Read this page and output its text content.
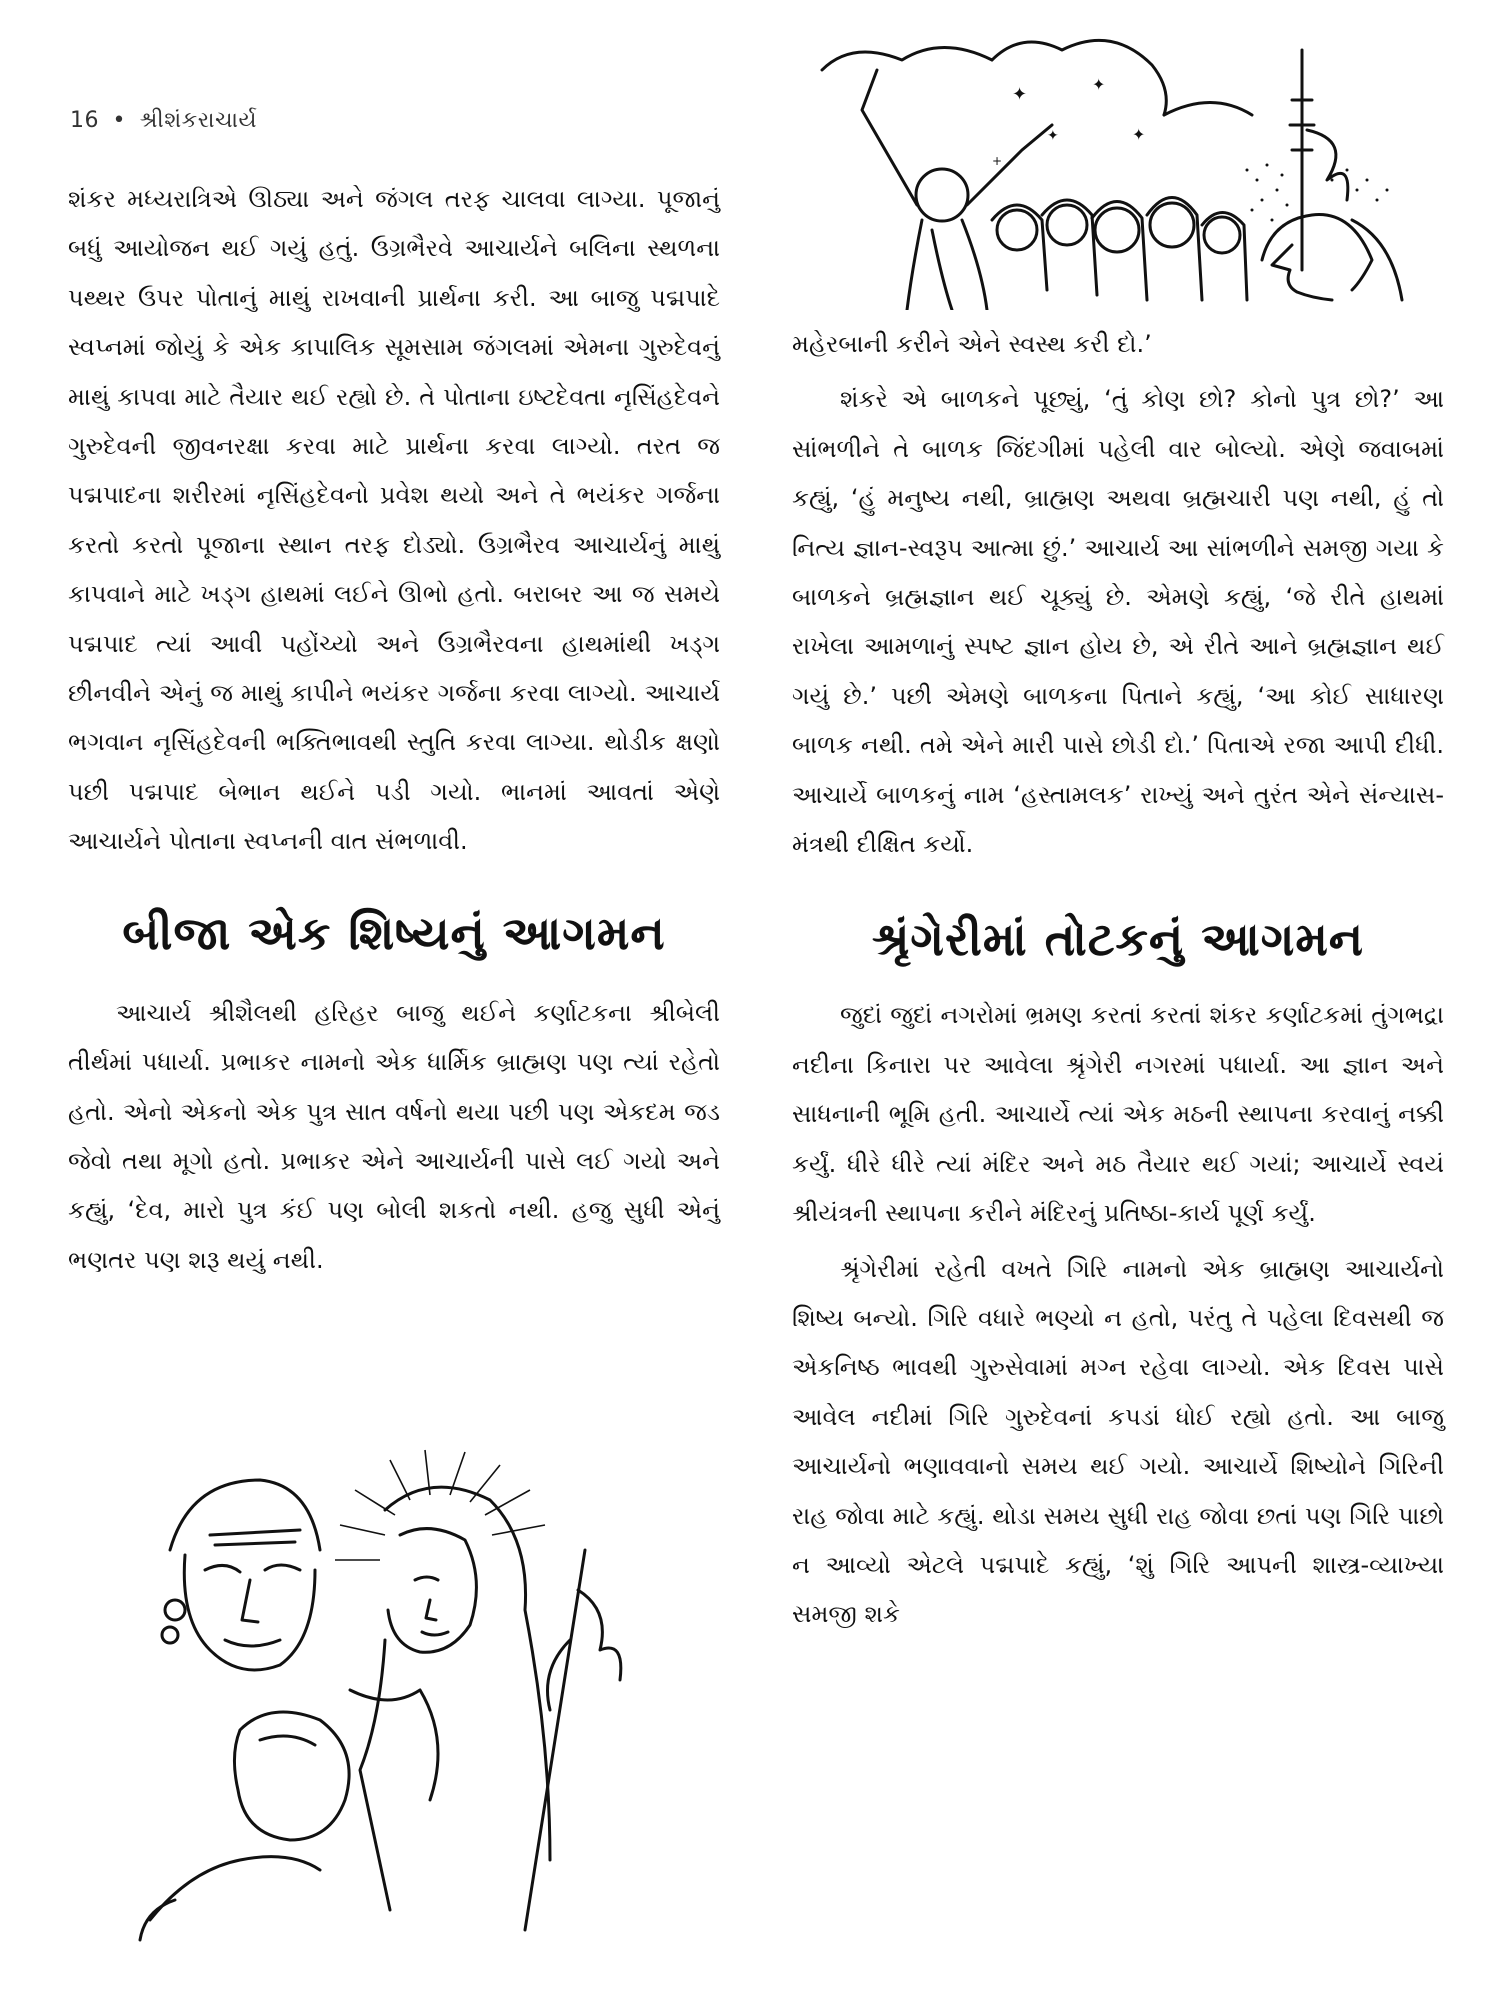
16 • શ્રીશંકરાચાર્ય
✦	✦
✦	✦
+

શંકર મધ્યરાત્રિએ ઊઠ્યા અને જંગલ તરફ ચાલવા લાગ્યા. પૂજાનું બધું આયોજન થઈ ગયું હતું. ઉગ્રભૈરવે આચાર્યને બલિના સ્થળના પથ્થર ઉપર પોતાનું માથું રાખવાની પ્રાર્થના કરી. આ બાજુ પદ્મપાદે સ્વપ્નમાં જોયું કે એક કાપાલિક સૂમસામ જંગલમાં એમના ગુરુદેવનું માથું કાપવા માટે તૈયાર થઈ રહ્યો છે. તે પોતાના ઇષ્ટદેવતા નૃસિંહદેવને ગુરુદેવની જીવનરક્ષા કરવા માટે પ્રાર્થના કરવા લાગ્યો. તરત જ પદ્મપાદના શરીરમાં નૃસિંહદેવનો પ્રવેશ થયો અને તે ભયંકર ગર્જના કરતો કરતો પૂજાના સ્થાન તરફ દોડ્યો. ઉગ્રભૈરવ આચાર્યનું માથું કાપવાને માટે ખડ્ગ હાથમાં લઈને ઊભો હતો. બરાબર આ જ સમયે પદ્મપાદ ત્યાં આવી પહોંચ્યો અને ઉગ્રભૈરવના હાથમાંથી ખડ્ગ છીનવીને એનું જ માથું કાપીને ભયંકર ગર્જના કરવા લાગ્યો. આચાર્ય ભગવાન નૃસિંહદેવની ભક્તિભાવથી સ્તુતિ કરવા લાગ્યા. થોડીક ક્ષણો પછી પદ્મપાદ બેભાન થઈને પડી ગયો. ભાનમાં આવતાં એણે આચાર્યને પોતાના સ્વપ્નની વાત સંભળાવી.

બીજા એક શિષ્યનું આગમન

આચાર્ય શ્રીશૈલથી હરિહર બાજુ થઈને કર્ણાટકના શ્રીબેલી તીર્થમાં પધાર્યા. પ્રભાકર નામનો એક ધાર્મિક બ્રાહ્મણ પણ ત્યાં રહેતો હતો. એનો એકનો એક પુત્ર સાત વર્ષનો થયા પછી પણ એકદમ જડ જેવો તથા મૂગો હતો. પ્રભાકર એને આચાર્યની પાસે લઈ ગયો અને કહ્યું, ‘દેવ, મારો પુત્ર કંઈ પણ બોલી શકતો નથી. હજુ સુધી એનું ભણતર પણ શરૂ થયું નથી.

મહેરબાની કરીને એને સ્વસ્થ કરી દો.’

શંકરે એ બાળકને પૂછ્યું, ‘તું કોણ છો? કોનો પુત્ર છો?’ આ સાંભળીને તે બાળક જિંદગીમાં પહેલી વાર બોલ્યો. એણે જવાબમાં કહ્યું, ‘હું મનુષ્ય નથી, બ્રાહ્મણ અથવા બ્રહ્મચારી પણ નથી, હું તો નિત્ય જ્ઞાન-સ્વરૂપ આત્મા છું.’ આચાર્ય આ સાંભળીને સમજી ગયા કે બાળકને બ્રહ્મજ્ઞાન થઈ ચૂક્યું છે. એમણે કહ્યું, ‘જે રીતે હાથમાં રાખેલા આમળાનું સ્પષ્ટ જ્ઞાન હોય છે, એ રીતે આને બ્રહ્મજ્ઞાન થઈ ગયું છે.’ પછી એમણે બાળકના પિતાને કહ્યું, ‘આ કોઈ સાધારણ બાળક નથી. તમે એને મારી પાસે છોડી દો.’ પિતાએ રજા આપી દીધી. આચાર્યે બાળકનું નામ ‘હસ્તામલક’ રાખ્યું અને તુરંત એને સંન્યાસ-મંત્રથી દીક્ષિત કર્યો.

શ્રૃંગેરીમાં તોટકનું આગમન

જુદાં જુદાં નગરોમાં ભ્રમણ કરતાં કરતાં શંકર કર્ણાટકમાં તુંગભદ્રા નદીના કિનારા પર આવેલા શ્રૃંગેરી નગરમાં પધાર્યા. આ જ્ઞાન અને સાધનાની ભૂમિ હતી. આચાર્યે ત્યાં એક મઠની સ્થાપના કરવાનું નક્કી કર્યું. ધીરે ધીરે ત્યાં મંદિર અને મઠ તૈયાર થઈ ગયાં; આચાર્યે સ્વયં શ્રીયંત્રની સ્થાપના કરીને મંદિરનું પ્રતિષ્ઠા-કાર્ય પૂર્ણ કર્યું.

શ્રૃંગેરીમાં રહેતી વખતે ગિરિ નામનો એક બ્રાહ્મણ આચાર્યનો શિષ્ય બન્યો. ગિરિ વધારે ભણ્યો ન હતો, પરંતુ તે પહેલા દિવસથી જ એકનિષ્ઠ ભાવથી ગુરુસેવામાં મગ્ન રહેવા લાગ્યો. એક દિવસ પાસે આવેલ નદીમાં ગિરિ ગુરુદેવનાં કપડાં ધોઈ રહ્યો હતો. આ બાજુ આચાર્યનો ભણાવવાનો સમય થઈ ગયો. આચાર્યે શિષ્યોને ગિરિની રાહ જોવા માટે કહ્યું. થોડા સમય સુધી રાહ જોવા છતાં પણ ગિરિ પાછો ન આવ્યો એટલે પદ્મપાદે કહ્યું, ‘શું ગિરિ આપની શાસ્ત્ર-વ્યાખ્યા સમજી શકે
